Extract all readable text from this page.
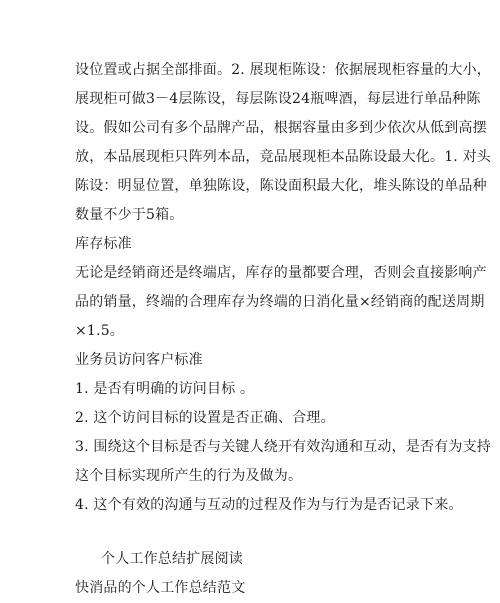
设位置或占据全部排面。2. 展现柜陈设：依据展现柜容量的大小，
展现柜可做3－4层陈设，每层陈设24瓶啤酒，每层进行单品种陈
设。假如公司有多个品牌产品，根据容量由多到少依次从低到高摆
放，本品展现柜只阵列本品，竞品展现柜本品陈设最大化。1. 对头
陈设：明显位置，单独陈设，陈设面积最大化，堆头陈设的单品种
数量不少于5箱。
库存标准
无论是经销商还是终端店，库存的量都要合理，否则会直接影响产
品的销量，终端的合理库存为终端的日消化量×经销商的配送周期
×1.5。
业务员访问客户标准
1. 是否有明确的访问目标 。
2. 这个访问目标的设置是否正确、合理。
3. 围绕这个目标是否与关键人绕开有效沟通和互动，是否有为支持
这个目标实现所产生的行为及做为。
4. 这个有效的沟通与互动的过程及作为与行为是否记录下来。
个人工作总结扩展阅读
快消品的个人工作总结范文
